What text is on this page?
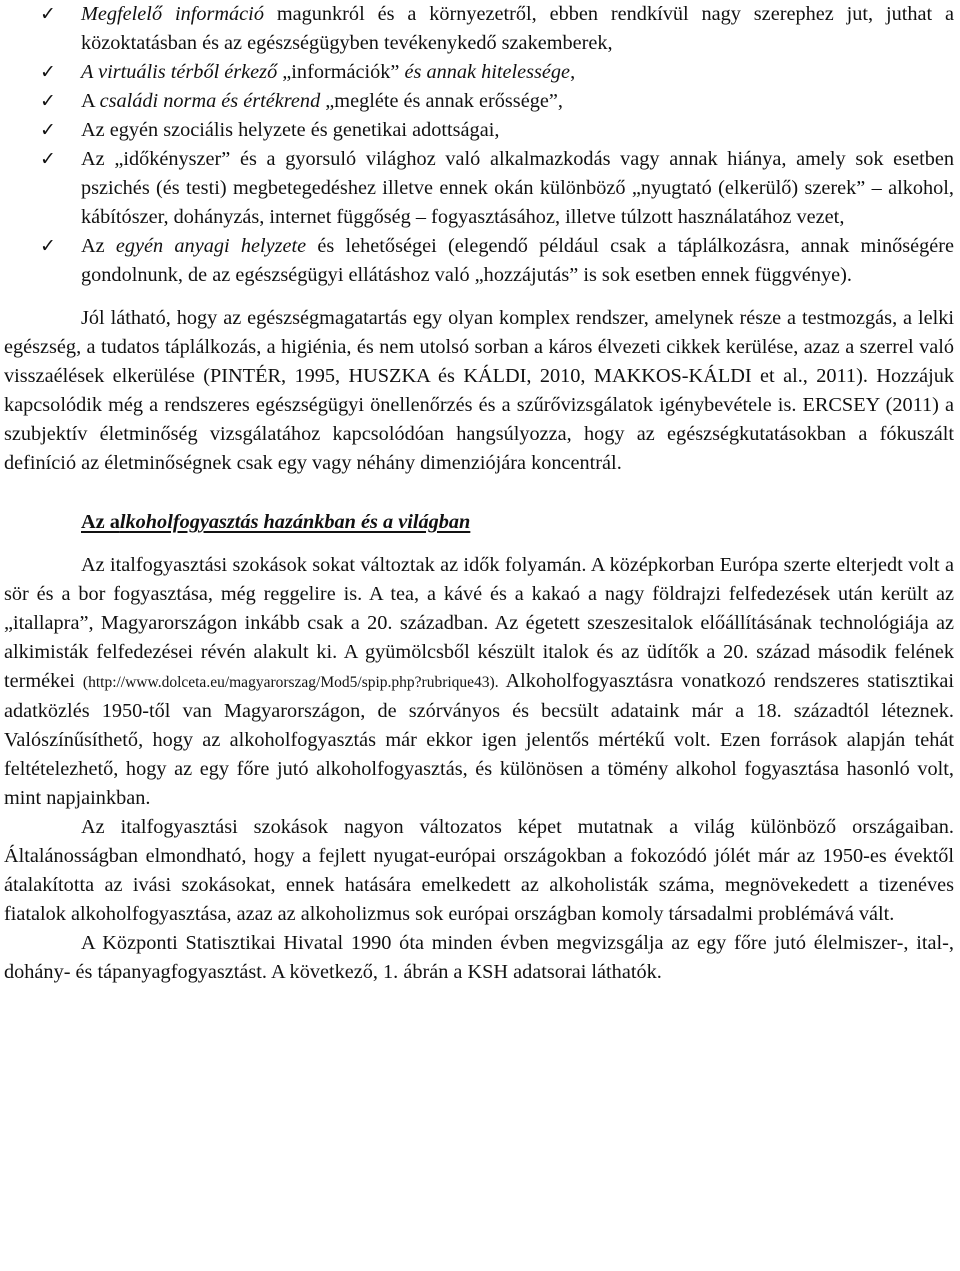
✓ Megfelelő információ magunkról és a környezetről, ebben rendkívül nagy szerephez jut, juthat a közoktatásban és az egészségügyben tevékenykedő szakemberek,
✓ A virtuális térből érkező „információk” és annak hitelessége,
✓ A családi norma és értékrend „megléte és annak erőssége”,
✓ Az egyén szociális helyzete és genetikai adottságai,
✓ Az „időkényszer” és a gyorsuló világhoz való alkalmazkodás vagy annak hiánya, amely sok esetben pszichés (és testi) megbetegedéshez illetve ennek okán különböző „nyugtató (elkerülő) szerek” – alkohol, kábítószer, dohányzás, internet függőség – fogyasztásához, illetve túlzott használatához vezet,
✓ Az egyén anyagi helyzete és lehetőségei (elegendő például csak a táplálkozásra, annak minőségére gondolnunk, de az egészségügyi ellátáshoz való „hozzájutás” is sok esetben ennek függvénye).

Jól látható, hogy az egészségmagatartás egy olyan komplex rendszer, amelynek része a testmozgás, a lelki egészség, a tudatos táplálkozás, a higiénia, és nem utolsó sorban a káros élvezeti cikkek kerülése, azaz a szerrel való visszaélések elkerülése (PINTÉR, 1995, HUSZKA és KÁLDI, 2010, MAKKOS-KÁLDI et al., 2011). Hozzájuk kapcsolódik még a rendszeres egészségügyi önellenőrzés és a szűrővizsgálatok igénybevétele is. ERCSEY (2011) a szubjektív életminőség vizsgálatához kapcsolódóan hangsúlyozza, hogy az egészségkutatásokban a fókuszált definíció az életminőségnek csak egy vagy néhány dimenziójára koncentrál.

Az alkoholfogyasztás hazánkban és a világban

Az italfogyasztási szokások sokat változtak az idők folyamán. A középkorban Európa szerte elterjedt volt a sör és a bor fogyasztása, még reggelire is. A tea, a kávé és a kakaó a nagy földrajzi felfedezések után került az „itallapra”, Magyarországon inkább csak a 20. században. Az égetett szeszesitalok előállításának technológiája az alkimisták felfedezései révén alakult ki. A gyümölcsből készült italok és az üdítők a 20. század második felének termékei (http://www.dolceta.eu/magyarorszag/Mod5/spip.php?rubrique43). Alkoholfogyasztásra vonatkozó rendszeres statisztikai adatközlés 1950-től van Magyarországon, de szórványos és becsült adataink már a 18. századtól léteznek. Valószínűsíthető, hogy az alkoholfogyasztás már ekkor igen jelentős mértékű volt. Ezen források alapján tehát feltételezhető, hogy az egy főre jutó alkoholfogyasztás, és különösen a tömény alkohol fogyasztása hasonló volt, mint napjainkban.

Az italfogyasztási szokások nagyon változatos képet mutatnak a világ különböző országaiban. Általánosságban elmondható, hogy a fejlett nyugat-európai országokban a fokozódó jólét már az 1950-es évektől átalakította az ivási szokásokat, ennek hatására emelkedett az alkoholisták száma, megnövekedett a tizenéves fiatalok alkoholfogyasztása, azaz az alkoholizmus sok európai országban komoly társadalmi problémává vált.

A Központi Statisztikai Hivatal 1990 óta minden évben megvizsgálja az egy főre jutó élelmiszer-, ital-, dohány- és tápanyagfogyasztást. A következő, 1. ábrán a KSH adatsorai láthatók.
